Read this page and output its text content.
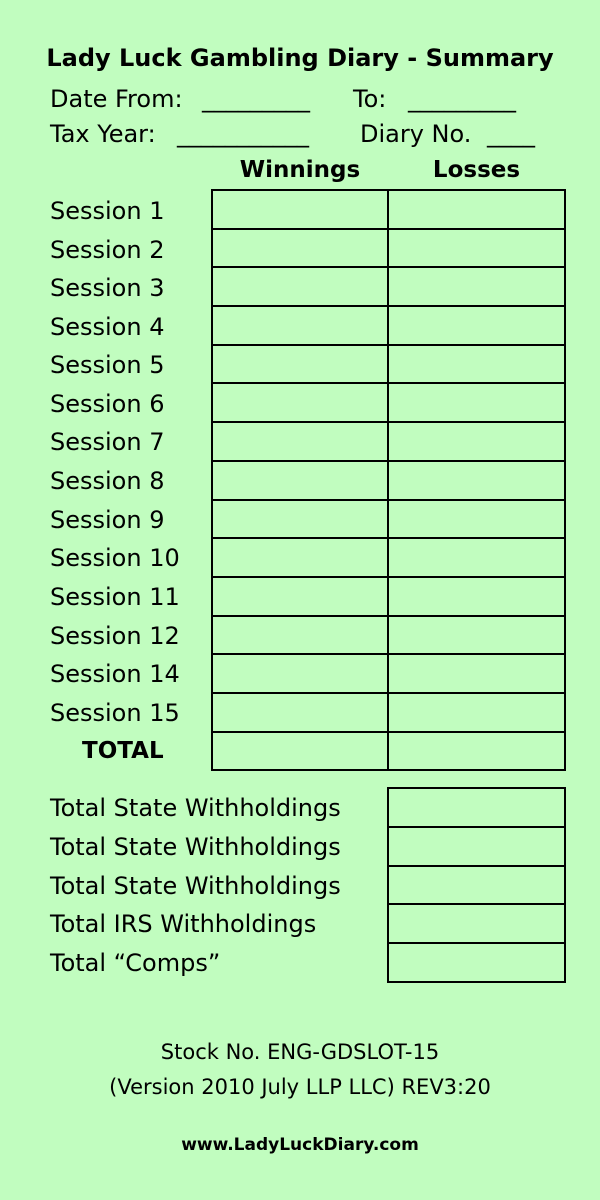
Lady Luck Gambling Diary - Summary
Date From: _________ To: _________
Tax Year: ___________ Diary No. ____
Winnings	Losses
Session 1
Session 2
Session 3
Session 4
Session 5
Session 6
Session 7
Session 8
Session 9
Session 10
Session 11
Session 12
Session 14
Session 15
TOTAL

Total State Withholdings
Total State Withholdings
Total State Withholdings
Total IRS Withholdings
Total “Comps”

Stock No. ENG-GDSLOT-15
(Version 2010 July LLP LLC) REV3:20
www.LadyLuckDiary.com
